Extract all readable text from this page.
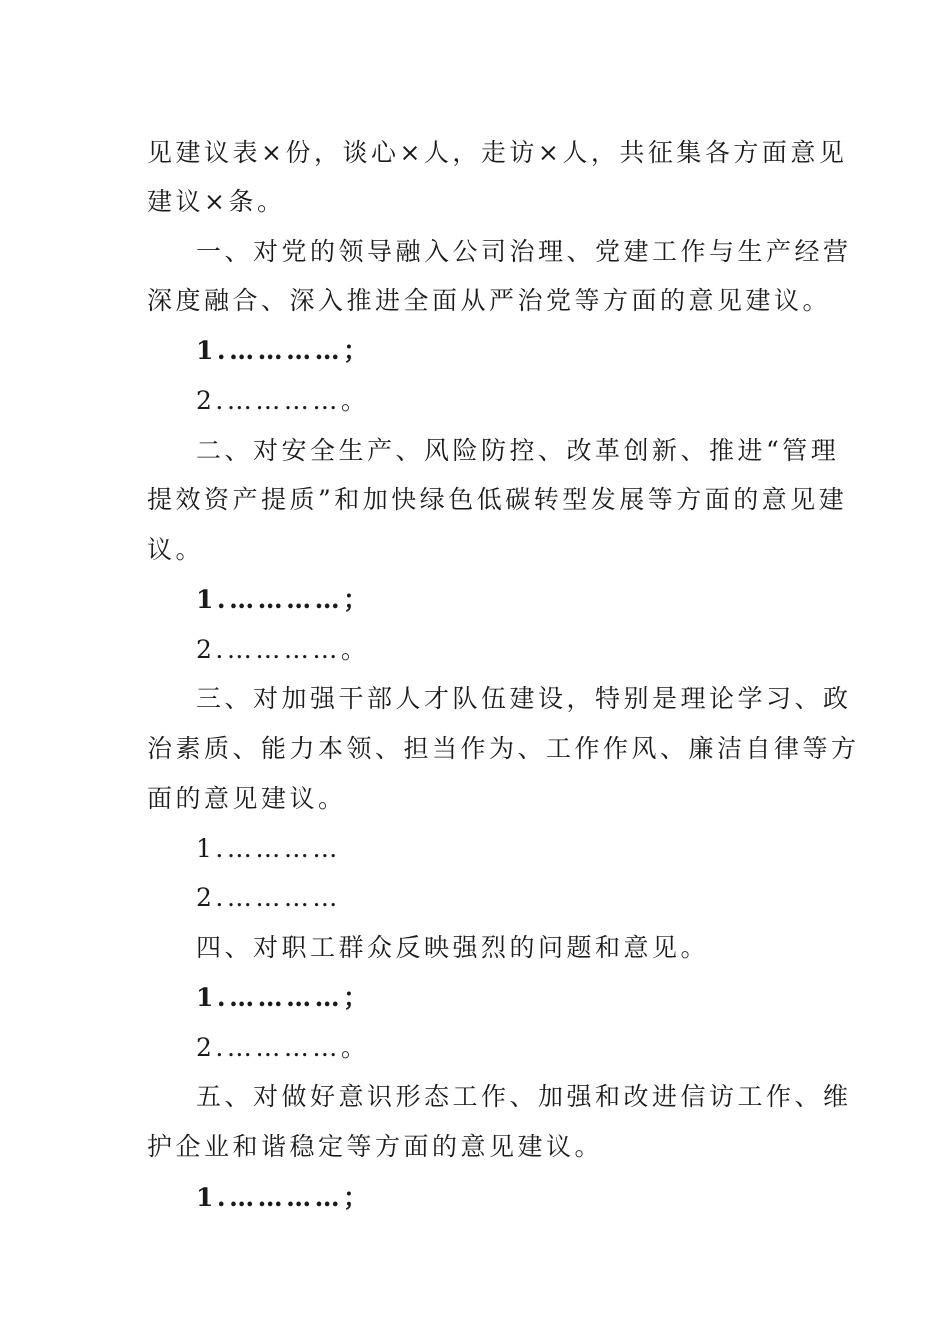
见建议表×份，谈心×人，走访×人，共征集各方面意见
建议×条。
一、对党的领导融入公司治理、党建工作与生产经营
深度融合、深入推进全面从严治党等方面的意见建议。
1.…………；
2.…………。
二、对安全生产、风险防控、改革创新、推进“管理
提效资产提质”和加快绿色低碳转型发展等方面的意见建
议。
1.…………；
2.…………。
三、对加强干部人才队伍建设，特别是理论学习、政
治素质、能力本领、担当作为、工作作风、廉洁自律等方
面的意见建议。
1.…………
2.…………
四、对职工群众反映强烈的问题和意见。
1.…………；
2.…………。
五、对做好意识形态工作、加强和改进信访工作、维
护企业和谐稳定等方面的意见建议。
1.…………；
